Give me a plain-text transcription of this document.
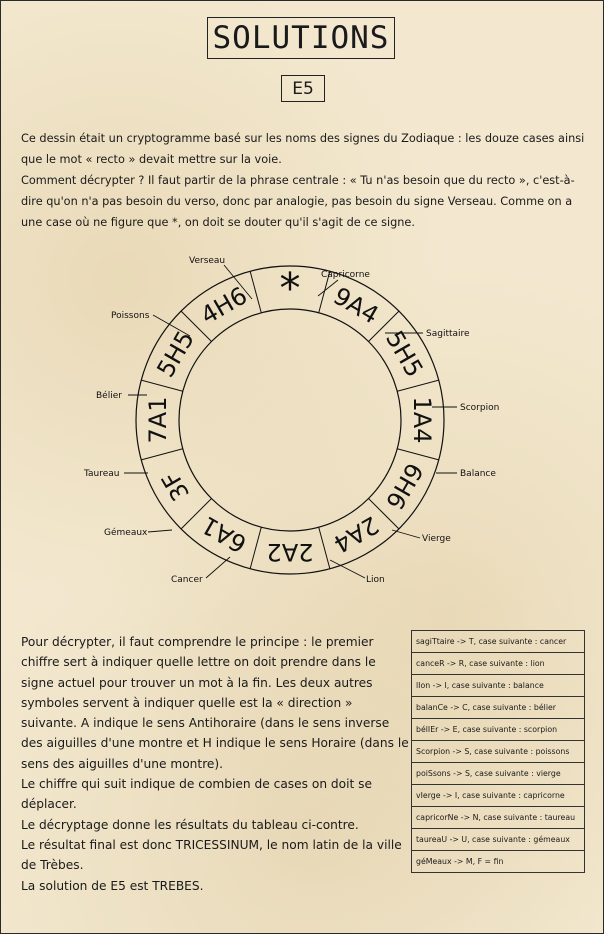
SOLUTIONS
E5

Ce dessin était un cryptogramme basé sur les noms des signes du Zodiaque : les douze cases ainsi que le mot « recto » devait mettre sur la voie.

Comment décrypter ? Il faut partir de la phrase centrale : « Tu n'as besoin que du recto », c'est-à-dire qu'on n'a pas besoin du verso, donc par analogie, pas besoin du signe Verseau. Comme on a une case où ne figure que *, on doit se douter qu'il s'agit de ce signe.

* 9A4
5H5
1A4
6H6
2A4
2A2
6A1
3F
7A1
5H5
4H6
Verseau
Capricorne
Sagittaire
Scorpion
Balance
Vierge
Lion
Cancer
Gémeaux
Taureau
Bélier
Poissons

Pour décrypter, il faut comprendre le principe : le premier chiffre sert à indiquer quelle lettre on doit prendre dans le signe actuel pour trouver un mot à la fin. Les deux autres symboles servent à indiquer quelle est la « direction » suivante. A indique le sens Antihoraire (dans le sens inverse des aiguilles d'une montre et H indique le sens Horaire (dans le sens des aiguilles d'une montre).

Le chiffre qui suit indique de combien de cases on doit se déplacer.

Le décryptage donne les résultats du tableau ci-contre.

Le résultat final est donc TRICESSINUM, le nom latin de la ville de Trèbes.

La solution de E5 est TREBES.

sagiTtaire -> T, case suivante : cancer
canceR -> R, case suivante : lion
lIon -> I, case suivante : balance
balanCe -> C, case suivante : bélier
bélIEr -> E, case suivante : scorpion
Scorpion -> S, case suivante : poissons
poiSsons -> S, case suivante : vierge
vIerge -> I, case suivante : capricorne
capricorNe -> N, case suivante : taureau
taureaU -> U, case suivante : gémeaux
géMeaux -> M, F = fin
